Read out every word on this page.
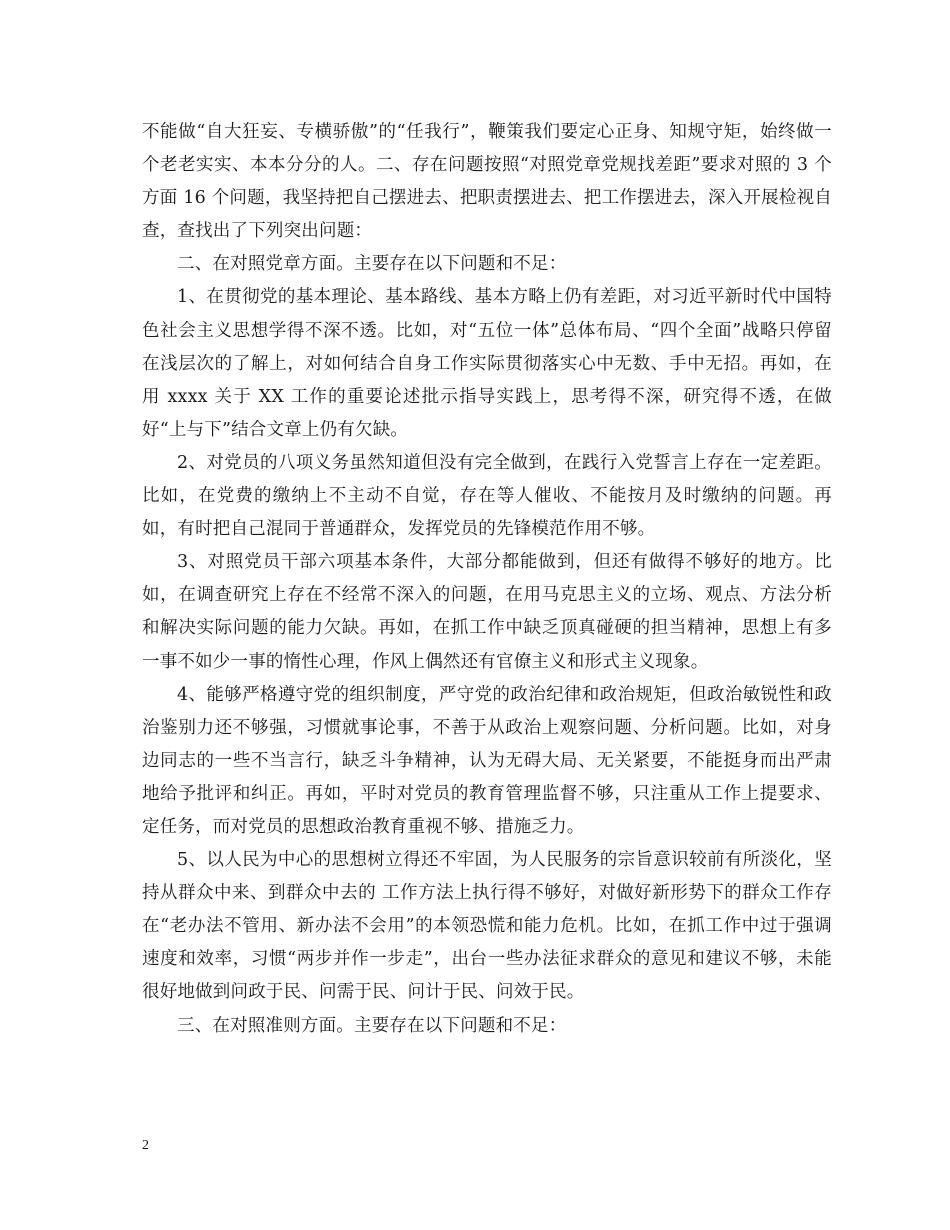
不能做“自大狂妄、专横骄傲”的“任我行”，鞭策我们要定心正身、知规守矩，始终做一个老老实实、本本分分的人。二、存在问题按照“对照党章党规找差距”要求对照的 3 个方面 16 个问题，我坚持把自己摆进去、把职责摆进去、把工作摆进去，深入开展检视自查，查找出了下列突出问题：

二、在对照党章方面。主要存在以下问题和不足：

1、在贯彻党的基本理论、基本路线、基本方略上仍有差距，对习近平新时代中国特色社会主义思想学得不深不透。比如，对“五位一体”总体布局、“四个全面”战略只停留在浅层次的了解上，对如何结合自身工作实际贯彻落实心中无数、手中无招。再如，在用 xxxx 关于 XX 工作的重要论述批示指导实践上，思考得不深，研究得不透，在做好“上与下”结合文章上仍有欠缺。

2、对党员的八项义务虽然知道但没有完全做到，在践行入党誓言上存在一定差距。比如，在党费的缴纳上不主动不自觉，存在等人催收、不能按月及时缴纳的问题。再如，有时把自己混同于普通群众，发挥党员的先锋模范作用不够。

3、对照党员干部六项基本条件，大部分都能做到，但还有做得不够好的地方。比如，在调查研究上存在不经常不深入的问题，在用马克思主义的立场、观点、方法分析和解决实际问题的能力欠缺。再如，在抓工作中缺乏顶真碰硬的担当精神，思想上有多一事不如少一事的惰性心理，作风上偶然还有官僚主义和形式主义现象。

4、能够严格遵守党的组织制度，严守党的政治纪律和政治规矩，但政治敏锐性和政治鉴别力还不够强，习惯就事论事，不善于从政治上观察问题、分析问题。比如，对身边同志的一些不当言行，缺乏斗争精神，认为无碍大局、无关紧要，不能挺身而出严肃地给予批评和纠正。再如，平时对党员的教育管理监督不够，只注重从工作上提要求、定任务，而对党员的思想政治教育重视不够、措施乏力。

5、以人民为中心的思想树立得还不牢固，为人民服务的宗旨意识较前有所淡化，坚持从群众中来、到群众中去的 工作方法上执行得不够好，对做好新形势下的群众工作存在“老办法不管用、新办法不会用”的本领恐慌和能力危机。比如，在抓工作中过于强调速度和效率，习惯“两步并作一步走”，出台一些办法征求群众的意见和建议不够，未能很好地做到问政于民、问需于民、问计于民、问效于民。

三、在对照准则方面。主要存在以下问题和不足：

2
